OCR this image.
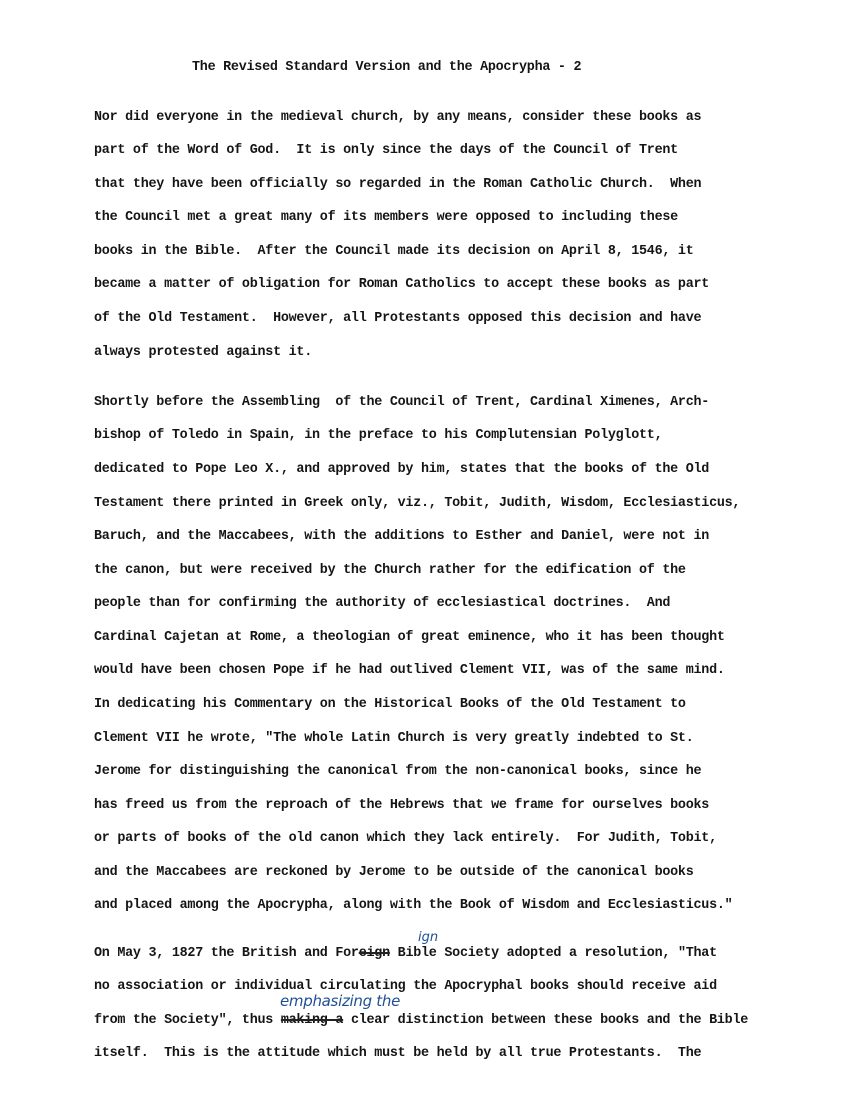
The Revised Standard Version and the Apocrypha - 2
Nor did everyone in the medieval church, by any means, consider these books as
part of the Word of God.  It is only since the days of the Council of Trent
that they have been officially so regarded in the Roman Catholic Church.  When
the Council met a great many of its members were opposed to including these
books in the Bible.  After the Council made its decision on April 8, 1546, it
became a matter of obligation for Roman Catholics to accept these books as part
of the Old Testament.  However, all Protestants opposed this decision and have
always protested against it.
Shortly before the Assembling  of the Council of Trent, Cardinal Ximenes, Arch-
bishop of Toledo in Spain, in the preface to his Complutensian Polyglott,
dedicated to Pope Leo X., and approved by him, states that the books of the Old
Testament there printed in Greek only, viz., Tobit, Judith, Wisdom, Ecclesiasticus,
Baruch, and the Maccabees, with the additions to Esther and Daniel, were not in
the canon, but were received by the Church rather for the edification of the
people than for confirming the authority of ecclesiastical doctrines.  And
Cardinal Cajetan at Rome, a theologian of great eminence, who it has been thought
would have been chosen Pope if he had outlived Clement VII, was of the same mind.
In dedicating his Commentary on the Historical Books of the Old Testament to
Clement VII he wrote, "The whole Latin Church is very greatly indebted to St.
Jerome for distinguishing the canonical from the non-canonical books, since he
has freed us from the reproach of the Hebrews that we frame for ourselves books
or parts of books of the old canon which they lack entirely.  For Judith, Tobit,
and the Maccabees are reckoned by Jerome to be outside of the canonical books
and placed among the Apocrypha, along with the Book of Wisdom and Ecclesiasticus."
On May 3, 1827 the British and Foreign Bible Society adopted a resolution, "That
no association or individual circulating the Apocryphal books should receive aid
from the Society", thus making a clear distinction between these books and the Bible
itself.  This is the attitude which must be held by all true Protestants.  The
ign
emphasizing the
